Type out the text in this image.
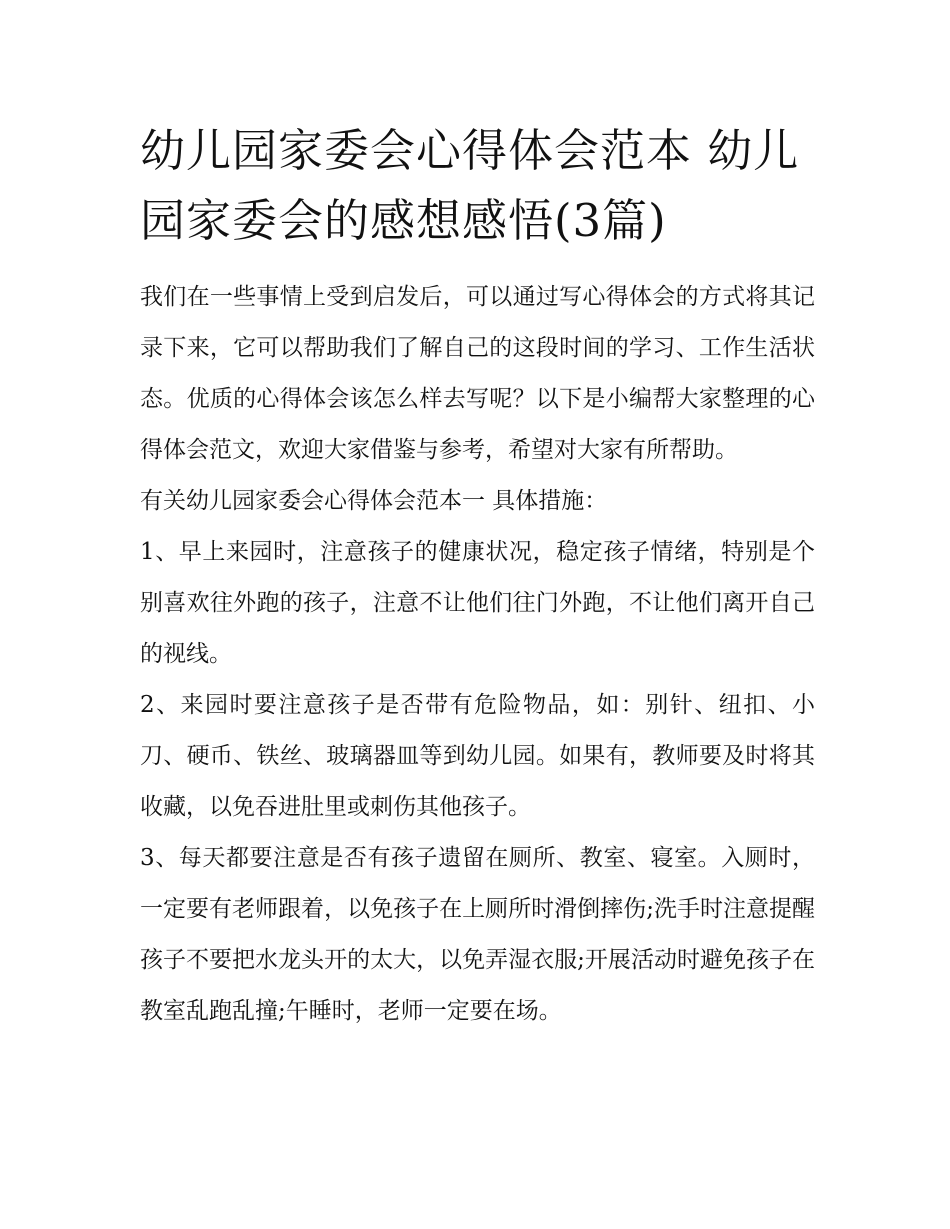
幼儿园家委会心得体会范本 幼儿园家委会的感想感悟(3篇)

我们在一些事情上受到启发后，可以通过写心得体会的方式将其记录下来，它可以帮助我们了解自己的这段时间的学习、工作生活状态。优质的心得体会该怎么样去写呢？以下是小编帮大家整理的心得体会范文，欢迎大家借鉴与参考，希望对大家有所帮助。

有关幼儿园家委会心得体会范本一 具体措施：

1、早上来园时，注意孩子的健康状况，稳定孩子情绪，特别是个别喜欢往外跑的孩子，注意不让他们往门外跑，不让他们离开自己的视线。

2、来园时要注意孩子是否带有危险物品，如：别针、纽扣、小刀、硬币、铁丝、玻璃器皿等到幼儿园。如果有，教师要及时将其收藏，以免吞进肚里或刺伤其他孩子。

3、每天都要注意是否有孩子遗留在厕所、教室、寝室。入厕时，一定要有老师跟着，以免孩子在上厕所时滑倒摔伤;洗手时注意提醒孩子不要把水龙头开的太大，以免弄湿衣服;开展活动时避免孩子在教室乱跑乱撞;午睡时，老师一定要在场。
